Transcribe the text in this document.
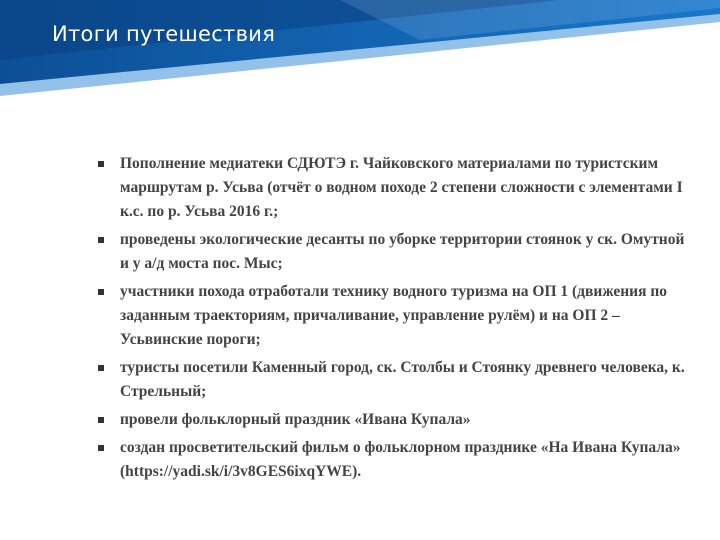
Итоги путешествия
Пополнение медиатеки СДЮТЭ г. Чайковского материалами по туристским маршрутам р. Усьва (отчёт о водном походе 2 степени сложности с элементами I к.с. по р. Усьва 2016 г.;
проведены экологические десанты по уборке территории стоянок у ск. Омутной и у а/д моста пос. Мыс;
участники похода отработали технику водного туризма на ОП 1 (движения по заданным траекториям, причаливание, управление рулём) и на ОП 2 – Усьвинские пороги;
туристы посетили Каменный город, ск. Столбы и Стоянку древнего человека, к. Стрельный;
провели фольклорный праздник «Ивана Купала»
создан просветительский фильм о фольклорном празднике «На Ивана Купала» (https://yadi.sk/i/3v8GES6ixqYWE).
